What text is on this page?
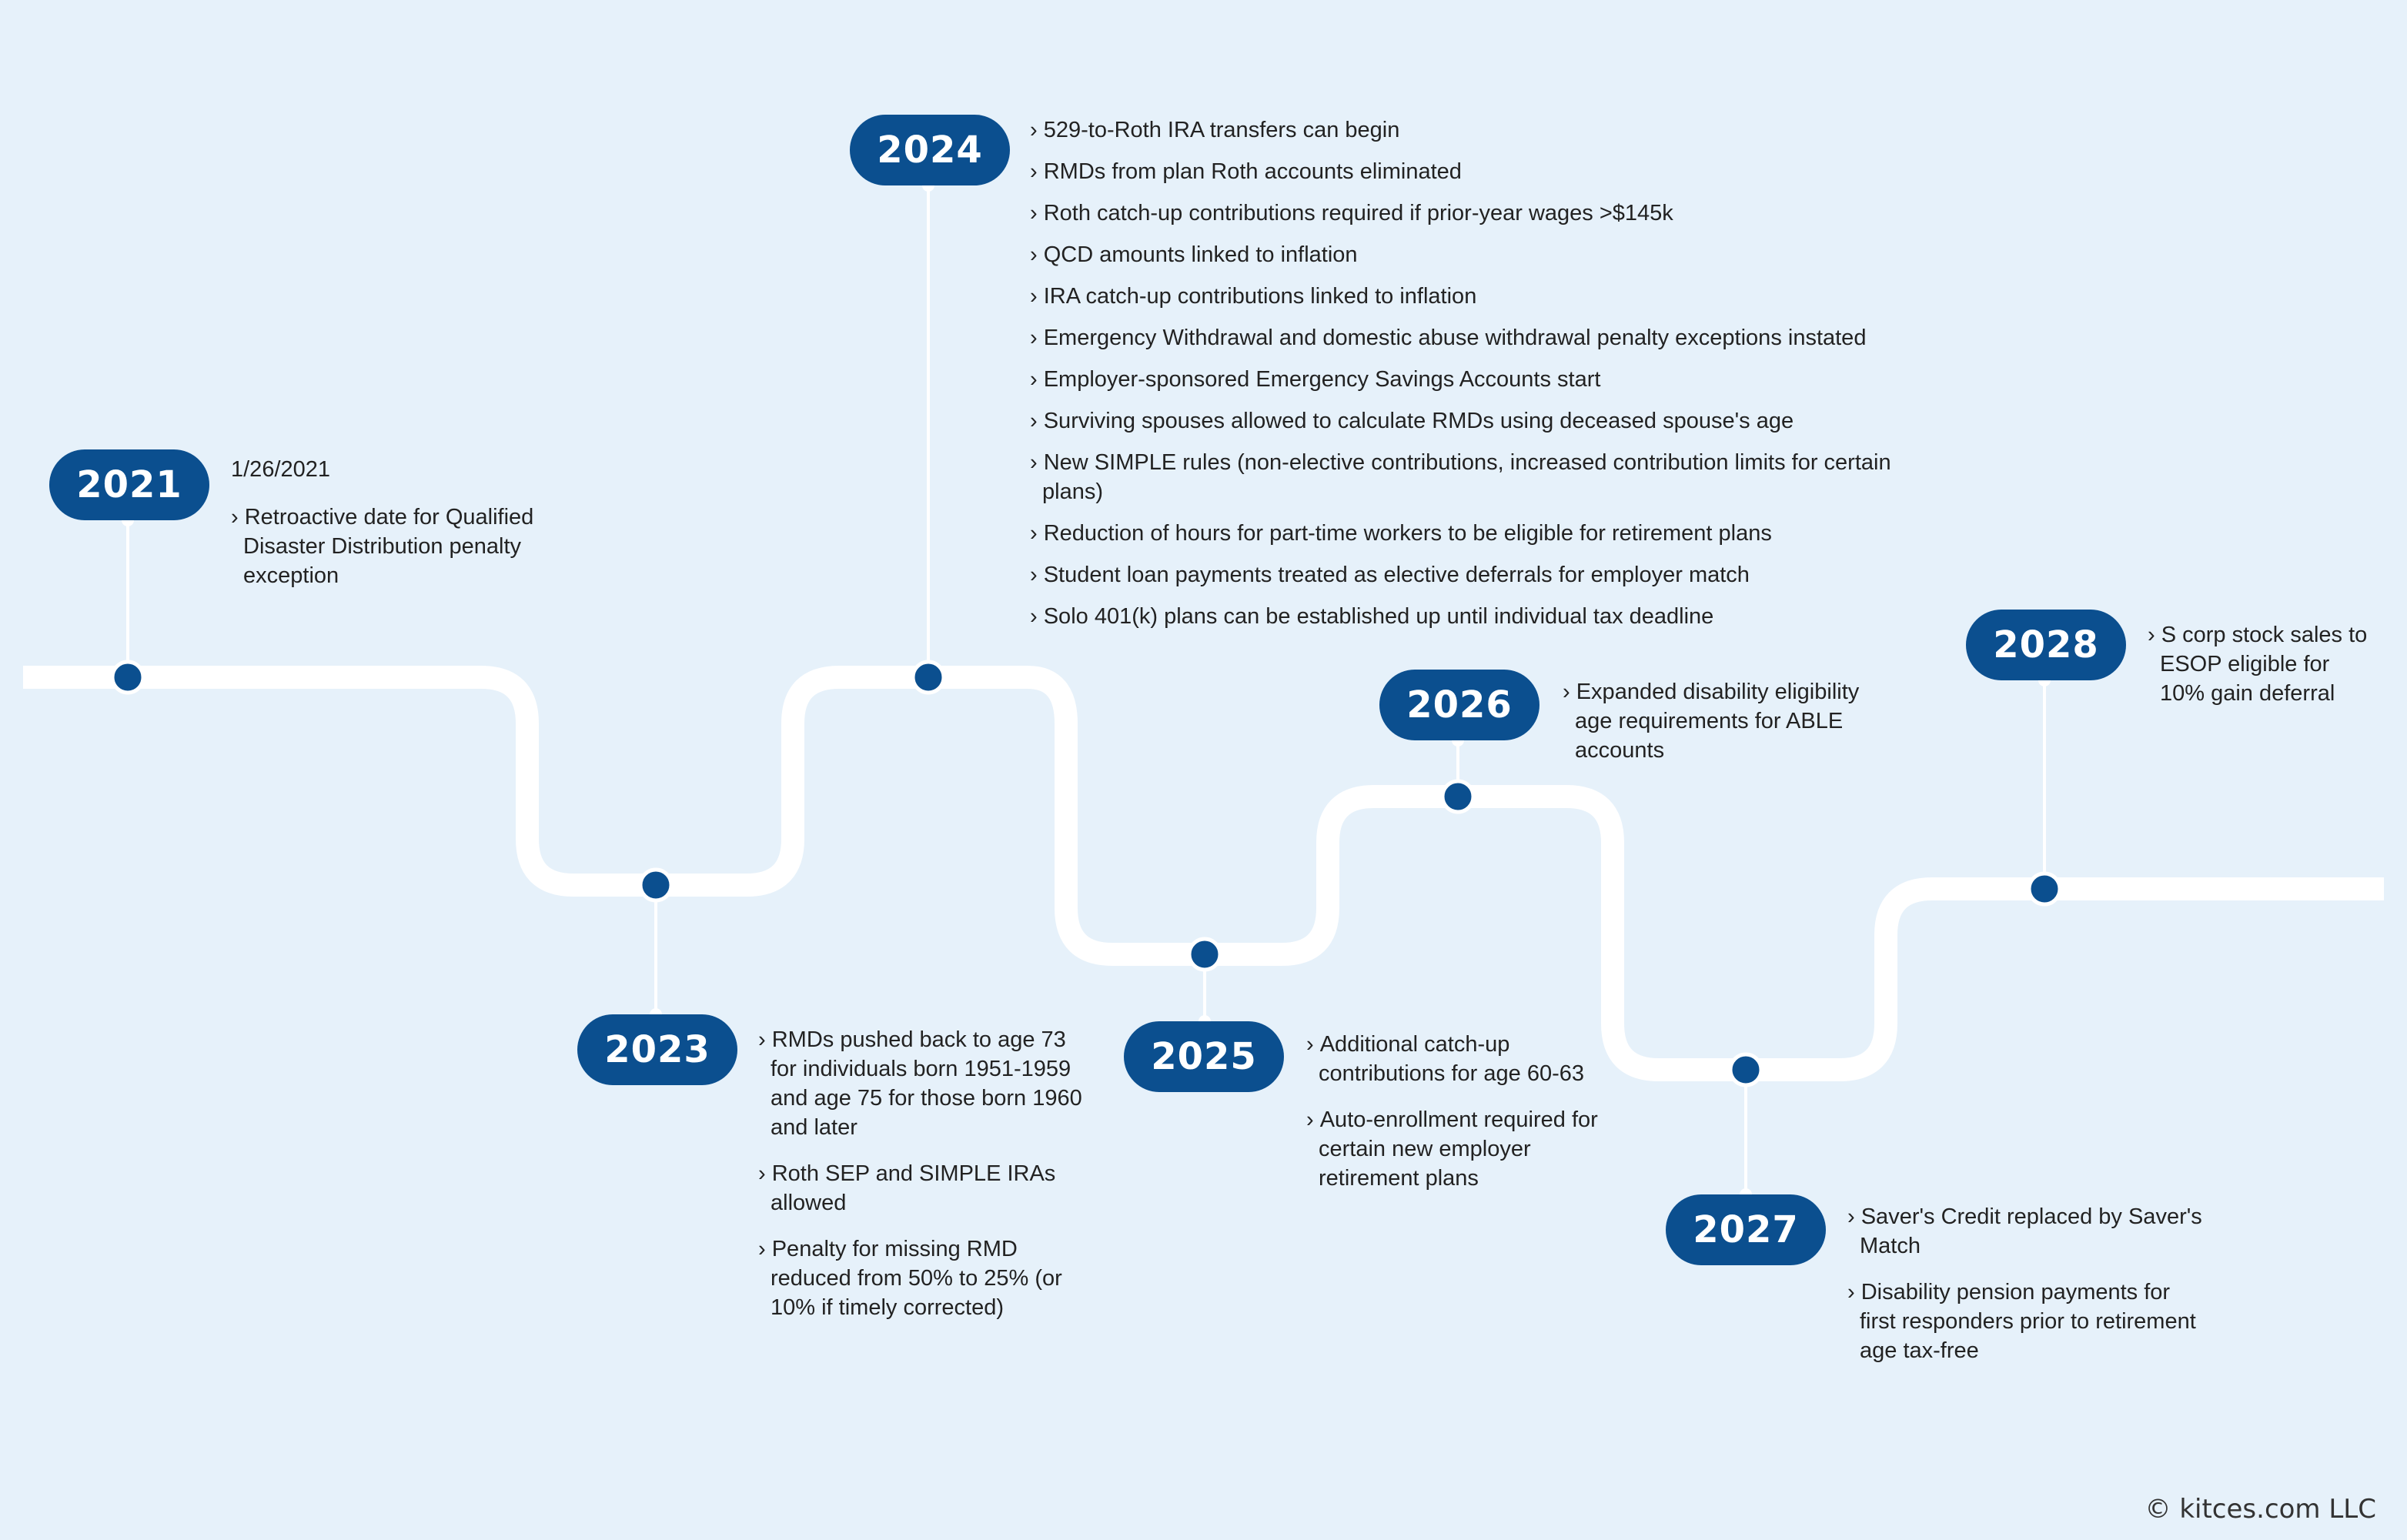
2021	1/26/2021
› Retroactive date for Qualified Disaster Distribution penalty exception
2023	› RMDs pushed back to age 73 for individuals born 1951-1959 and age 75 for those born 1960 and later
› Roth SEP and SIMPLE IRAs allowed
› Penalty for missing RMD reduced from 50% to 25% (or 10% if timely corrected)
2024	› 529-to-Roth IRA transfers can begin
› RMDs from plan Roth accounts eliminated
› Roth catch-up contributions required if prior-year wages >$145k
› QCD amounts linked to inflation
› IRA catch-up contributions linked to inflation
› Emergency Withdrawal and domestic abuse withdrawal penalty exceptions instated
› Employer-sponsored Emergency Savings Accounts start
› Surviving spouses allowed to calculate RMDs using deceased spouse's age
› New SIMPLE rules (non-elective contributions, increased contribution limits for certain plans)
› Reduction of hours for part-time workers to be eligible for retirement plans
› Student loan payments treated as elective deferrals for employer match
› Solo 401(k) plans can be established up until individual tax deadline
2025	› Additional catch-up contributions for age 60-63
› Auto-enrollment required for certain new employer retirement plans
2026	› Expanded disability eligibility age requirements for ABLE accounts
2027	› Saver's Credit replaced by Saver's Match
› Disability pension payments for first responders prior to retirement age tax-free
2028	› S corp stock sales to ESOP eligible for 10% gain deferral
© kitces.com LLC
